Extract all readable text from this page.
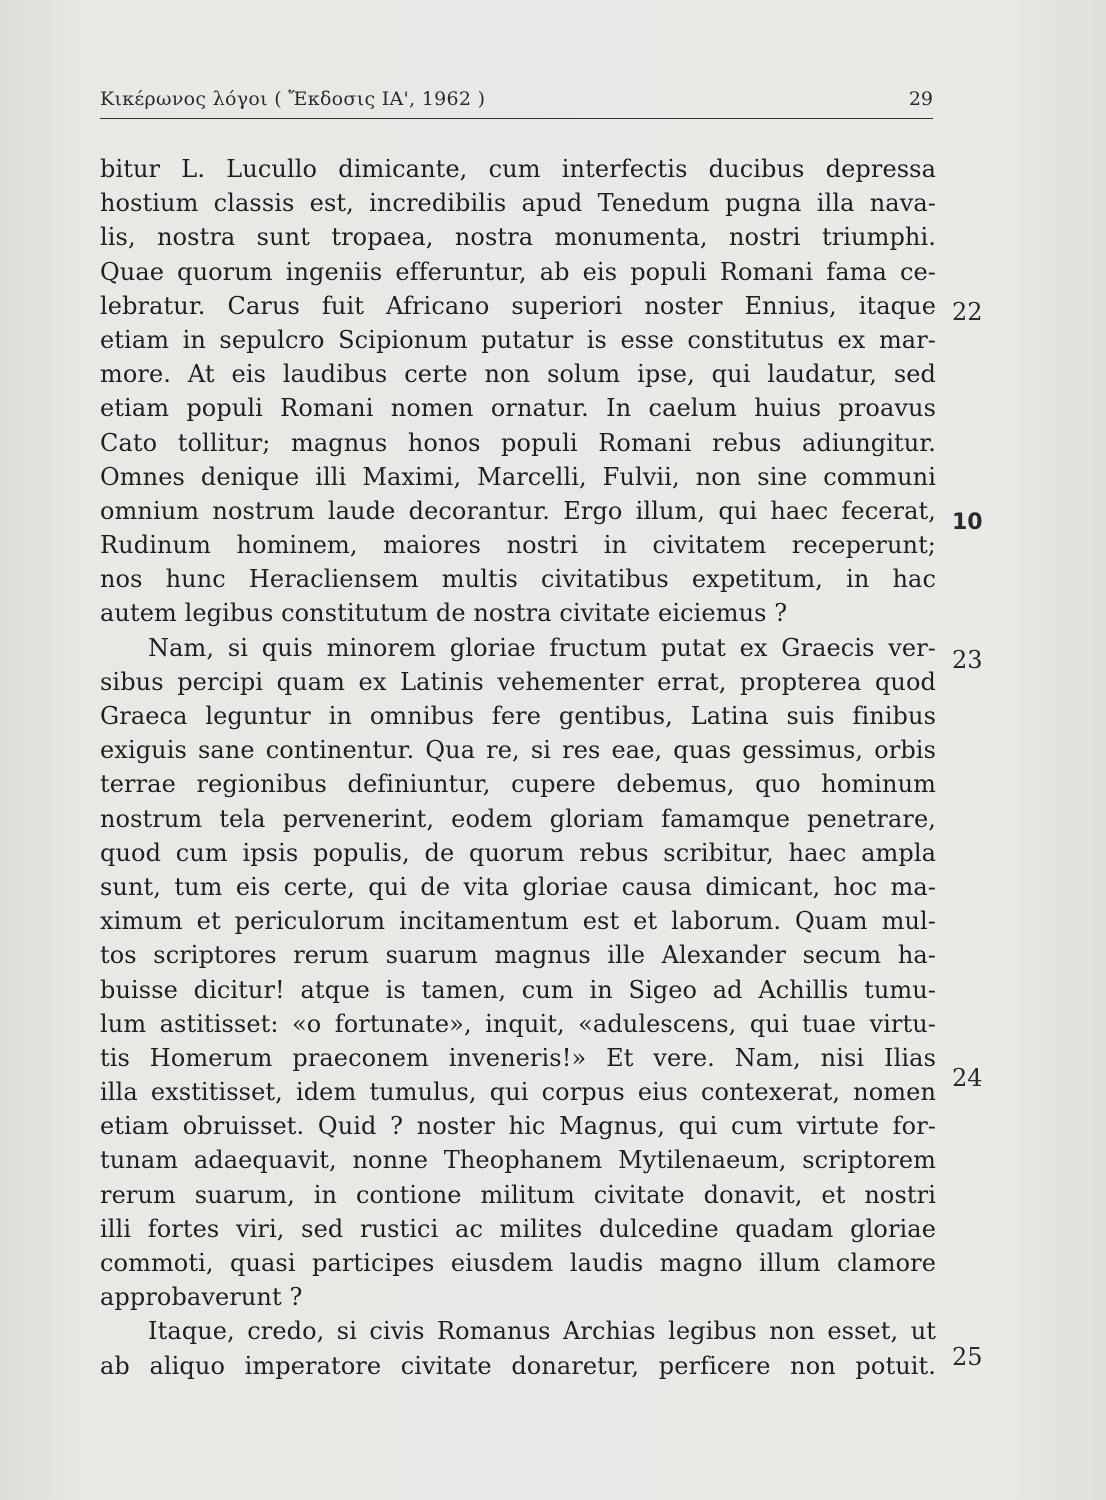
Κικέρωνος λόγοι ( Ἔκδοσις ΙΑ', 1962 )	29
bitur L. Lucullo dimicante, cum interfectis ducibus depressa
hostium classis est, incredibilis apud Tenedum pugna illa nava-
lis, nostra sunt tropaea, nostra monumenta, nostri triumphi.
Quae quorum ingeniis efferuntur, ab eis populi Romani fama ce-
lebratur. Carus fuit Africano superiori noster Ennius, itaque
etiam in sepulcro Scipionum putatur is esse constitutus ex mar-
more. At eis laudibus certe non solum ipse, qui laudatur, sed
etiam populi Romani nomen ornatur. In caelum huius proavus
Cato tollitur; magnus honos populi Romani rebus adiungitur.
Omnes denique illi Maximi, Marcelli, Fulvii, non sine communi
omnium nostrum laude decorantur. Ergo illum, qui haec fecerat,
Rudinum hominem, maiores nostri in civitatem receperunt;
nos hunc Heracliensem multis civitatibus expetitum, in hac
autem legibus constitutum de nostra civitate eiciemus ?
Nam, si quis minorem gloriae fructum putat ex Graecis ver-
sibus percipi quam ex Latinis vehementer errat, propterea quod
Graeca leguntur in omnibus fere gentibus, Latina suis finibus
exiguis sane continentur. Qua re, si res eae, quas gessimus, orbis
terrae regionibus definiuntur, cupere debemus, quo hominum
nostrum tela pervenerint, eodem gloriam famamque penetrare,
quod cum ipsis populis, de quorum rebus scribitur, haec ampla
sunt, tum eis certe, qui de vita gloriae causa dimicant, hoc ma-
ximum et periculorum incitamentum est et laborum. Quam mul-
tos scriptores rerum suarum magnus ille Alexander secum ha-
buisse dicitur! atque is tamen, cum in Sigeo ad Achillis tumu-
lum astitisset: «o fortunate», inquit, «adulescens, qui tuae virtu-
tis Homerum praeconem inveneris!» Et vere. Nam, nisi Ilias
illa exstitisset, idem tumulus, qui corpus eius contexerat, nomen
etiam obruisset. Quid ? noster hic Magnus, qui cum virtute for-
tunam adaequavit, nonne Theophanem Mytilenaeum, scriptorem
rerum suarum, in contione militum civitate donavit, et nostri
illi fortes viri, sed rustici ac milites dulcedine quadam gloriae
commoti, quasi participes eiusdem laudis magno illum clamore
approbaverunt ?
Itaque, credo, si civis Romanus Archias legibus non esset, ut
ab aliquo imperatore civitate donaretur, perficere non potuit.
22
10
23
24
25
